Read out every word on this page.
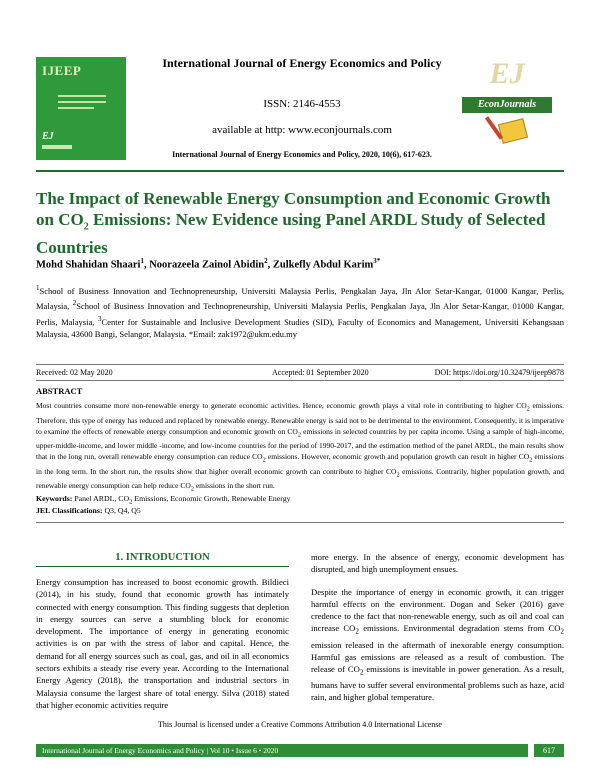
IJEEP
EJ
International Journal of Energy Economics and Policy
ISSN: 2146-4553
available at http: www.econjournals.com
International Journal of Energy Economics and Policy, 2020, 10(6), 617-623.
EJ
EconJournals
The Impact of Renewable Energy Consumption and Economic Growth on $CO_2$ Emissions: New Evidence using Panel ARDL Study of Selected Countries
Mohd Shahidan Shaari$^1$, Noorazeela Zainol Abidin$^2$, Zulkefly Abdul Karim$^{3*}$
$^1$School of Business Innovation and Technopreneurship, Universiti Malaysia Perlis, Pengkalan Jaya, Jln Alor Setar-Kangar, 01000 Kangar, Perlis, Malaysia, $^2$School of Business Innovation and Technopreneurship, Universiti Malaysia Perlis, Pengkalan Jaya, Jln Alor Setar-Kangar, 01000 Kangar, Perlis, Malaysia, $^3$Center for Sustainable and Inclusive Development Studies (SID), Faculty of Economics and Management, Universiti Kebangsaan Malaysia, 43600 Bangi, Selangor, Malaysia. *Email: zak1972@ukm.edu.my
Received: 02 May 2020	Accepted: 01 September 2020	DOI: https://doi.org/10.32479/ijeep9878
ABSTRACT
Most countries consume more non-renewable energy to generate economic activities. Hence, economic growth plays a vital role in contributing to higher $CO_2$ emissions. Therefore, this type of energy has reduced and replaced by renewable energy. Renewable energy is said not to be detrimental to the environment. Consequently, it is imperative to examine the effects of renewable energy consumption and economic growth on $CO_2$ emissions in selected countries by per capita income. Using a sample of high-income, upper-middle-income, and lower middle -income, and low-income countries for the period of 1990-2017, and the estimation method of the panel ARDL, the main results show that in the long run, overall renewable energy consumption can reduce $CO_2$ emissions. However, economic growth and population growth can result in higher $CO_2$ emissions in the long term. In the short run, the results show that higher overall economic growth can contribute to higher $CO_2$ emissions. Contrarily, higher population growth, and renewable energy consumption can help reduce $CO_2$ emissions in the short run.
Keywords: Panel ARDL, $CO_2$ Emissions, Economic Growth, Renewable Energy
JEL Classifications: Q3, Q4, Q5
1. INTRODUCTION
Energy consumption has increased to boost economic growth. Bildieci (2014), in his study, found that economic growth has intimately connected with energy consumption. This finding suggests that depletion in energy sources can serve a stumbling block for economic development. The importance of energy in generating economic activities is on par with the stress of labor and capital. Hence, the demand for all energy sources such as coal, gas, and oil in all economics sectors exhibits a steady rise every year. According to the International Energy Agency (2018), the transportation and industrial sectors in Malaysia consume the largest share of total energy. Silva (2018) stated that higher economic activities require

more energy. In the absence of energy, economic development has disrupted, and high unemployment ensues.

Despite the importance of energy in economic growth, it can trigger harmful effects on the environment. Dogan and Seker (2016) gave credence to the fact that non-renewable energy, such as oil and coal can increase $CO_2$ emissions. Environmental degradation stems from $CO_2$ emission released in the aftermath of inexorable energy consumption. Harmful gas emissions are released as a result of combustion. The release of $CO_2$ emissions is inevitable in power generation. As a result, humans have to suffer several environmental problems such as haze, acid rain, and higher global temperature.

This Journal is licensed under a Creative Commons Attribution 4.0 International License
International Journal of Energy Economics and Policy | Vol 10 • Issue 6 • 2020	617
